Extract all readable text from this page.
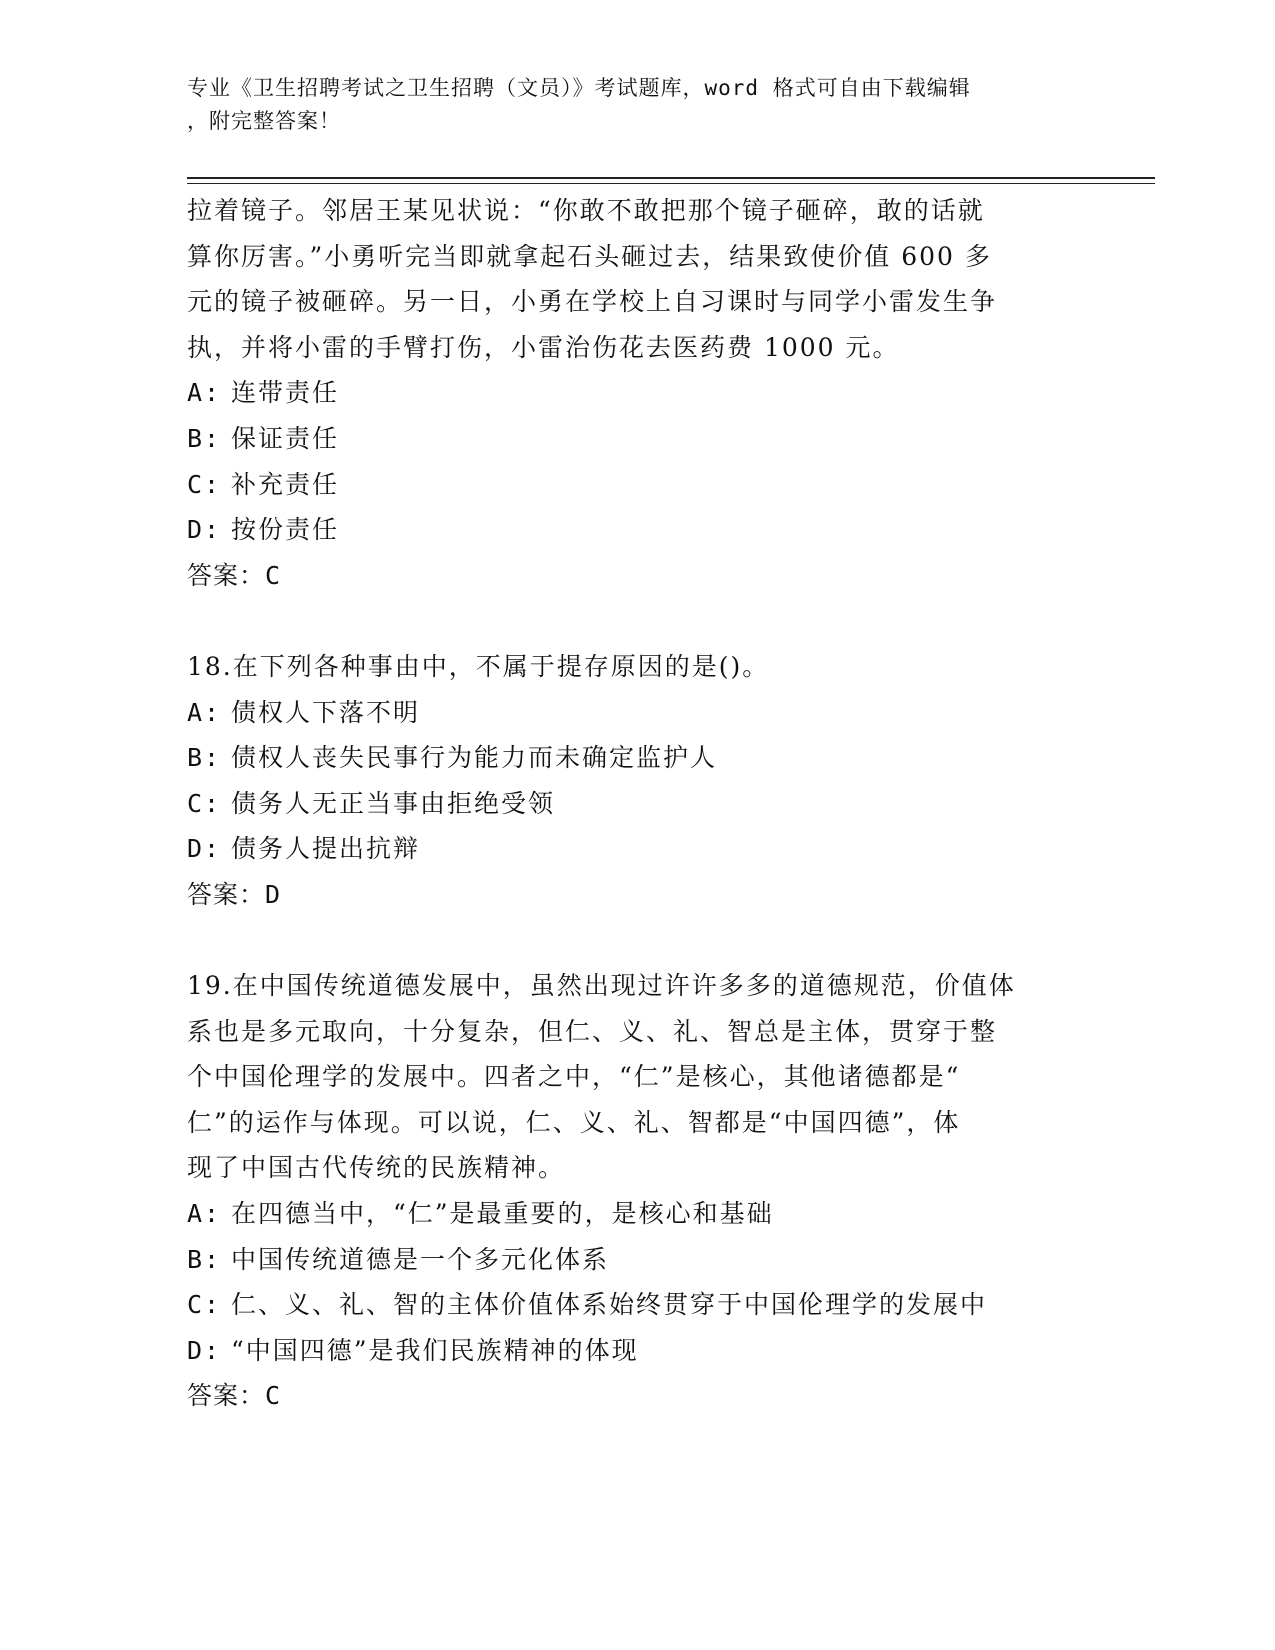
专业《卫生招聘考试之卫生招聘（文员）》考试题库，word 格式可自由下载编辑
，附完整答案！
拉着镜子。邻居王某见状说：“你敢不敢把那个镜子砸碎，敢的话就
算你厉害。”小勇听完当即就拿起石头砸过去，结果致使价值 600 多
元的镜子被砸碎。另一日，小勇在学校上自习课时与同学小雷发生争
执，并将小雷的手臂打伤，小雷治伤花去医药费 1000 元。
A: 连带责任
B: 保证责任
C: 补充责任
D: 按份责任
答案：C
18.在下列各种事由中，不属于提存原因的是()。
A: 债权人下落不明
B: 债权人丧失民事行为能力而未确定监护人
C: 债务人无正当事由拒绝受领
D: 债务人提出抗辩
答案：D
19.在中国传统道德发展中，虽然出现过许许多多的道德规范，价值体
系也是多元取向，十分复杂，但仁、义、礼、智总是主体，贯穿于整
个中国伦理学的发展中。四者之中，“仁”是核心，其他诸德都是“
仁”的运作与体现。可以说，仁、义、礼、智都是“中国四德”，体
现了中国古代传统的民族精神。
A: 在四德当中，“仁”是最重要的，是核心和基础
B: 中国传统道德是一个多元化体系
C: 仁、义、礼、智的主体价值体系始终贯穿于中国伦理学的发展中
D: “中国四德”是我们民族精神的体现
答案：C
